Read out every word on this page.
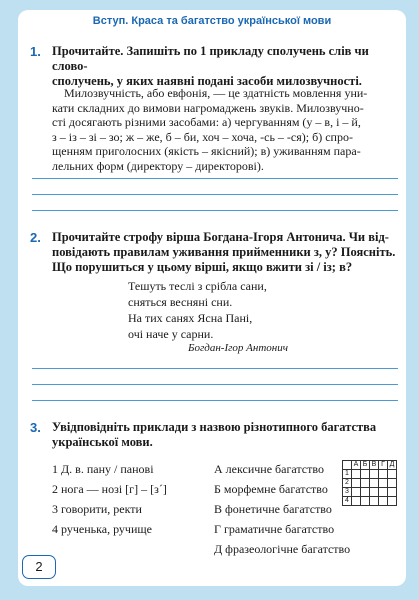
Вступ. Краса та багатство української мови
1. Прочитайте. Запишіть по 1 прикладу сполучень слів чи слово-
сполучень, у яких наявні подані засоби милозвучності.
Милозвучність, або евфонія, — це здатність мовлення уни-
кати складних до вимови нагромаджень звуків. Милозвучно-
сті досягають різними засобами: а) чергуванням (у – в, і – й,
з – із – зі – зо; ж – же, б – би, хоч – хоча, -сь – -ся); б) спро-
щенням приголосних (якість – якісний); в) уживанням пара-
лельних форм (директору – директорові).
2. Прочитайте строфу вірша Богдана-Ігоря Антонича. Чи від-
повідають правилам уживання прийменники з, у? Поясніть.
Що порушиться у цьому вірші, якщо вжити зі / із; в?
Тешуть теслі з срібла сани,
сняться весняні сни.
На тих санях Ясна Пані,
очі наче у сарни.
Богдан-Ігор Антонич
3. Увідповідніть приклади з назвою різнотипного багатства
української мови.
1 Д. в. пану / панові
2 нога — нозі [г] – [з´]
3 говорити, ректи
4 рученька, ручище
А лексичне багатство
Б морфемне багатство
В фонетичне багатство
Г граматичне багатство
Д фразеологічне багатство
	А	Б	В	Г	Д
1					
2					
3					
4					
2
